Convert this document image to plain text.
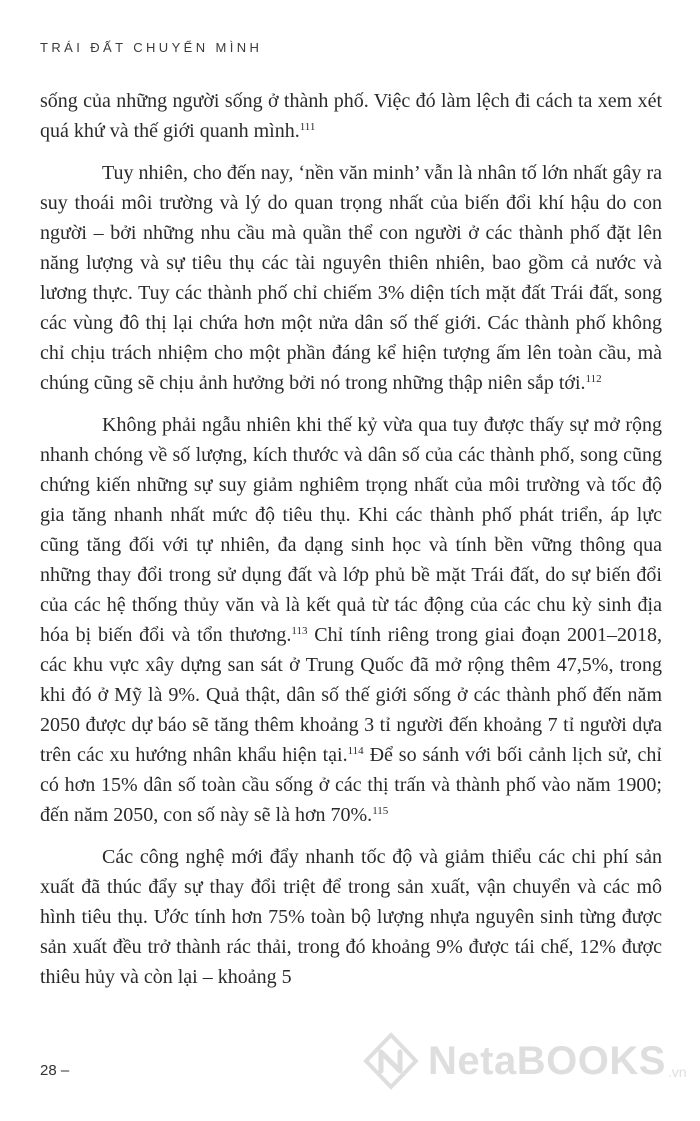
TRÁI ĐẤT CHUYỂN MÌNH

sống của những người sống ở thành phố. Việc đó làm lệch đi cách ta xem xét quá khứ và thế giới quanh mình.$^{111}$

Tuy nhiên, cho đến nay, ‘nền văn minh’ vẫn là nhân tố lớn nhất gây ra suy thoái môi trường và lý do quan trọng nhất của biến đổi khí hậu do con người – bởi những nhu cầu mà quần thể con người ở các thành phố đặt lên năng lượng và sự tiêu thụ các tài nguyên thiên nhiên, bao gồm cả nước và lương thực. Tuy các thành phố chỉ chiếm 3% diện tích mặt đất Trái đất, song các vùng đô thị lại chứa hơn một nửa dân số thế giới. Các thành phố không chỉ chịu trách nhiệm cho một phần đáng kể hiện tượng ấm lên toàn cầu, mà chúng cũng sẽ chịu ảnh hưởng bởi nó trong những thập niên sắp tới.$^{112}$

Không phải ngẫu nhiên khi thế kỷ vừa qua tuy được thấy sự mở rộng nhanh chóng về số lượng, kích thước và dân số của các thành phố, song cũng chứng kiến những sự suy giảm nghiêm trọng nhất của môi trường và tốc độ gia tăng nhanh nhất mức độ tiêu thụ. Khi các thành phố phát triển, áp lực cũng tăng đối với tự nhiên, đa dạng sinh học và tính bền vững thông qua những thay đổi trong sử dụng đất và lớp phủ bề mặt Trái đất, do sự biến đổi của các hệ thống thủy văn và là kết quả từ tác động của các chu kỳ sinh địa hóa bị biến đổi và tổn thương.$^{113}$ Chỉ tính riêng trong giai đoạn 2001–2018, các khu vực xây dựng san sát ở Trung Quốc đã mở rộng thêm 47,5%, trong khi đó ở Mỹ là 9%. Quả thật, dân số thế giới sống ở các thành phố đến năm 2050 được dự báo sẽ tăng thêm khoảng 3 tỉ người đến khoảng 7 tỉ người dựa trên các xu hướng nhân khẩu hiện tại.$^{114}$ Để so sánh với bối cảnh lịch sử, chỉ có hơn 15% dân số toàn cầu sống ở các thị trấn và thành phố vào năm 1900; đến năm 2050, con số này sẽ là hơn 70%.$^{115}$

Các công nghệ mới đẩy nhanh tốc độ và giảm thiểu các chi phí sản xuất đã thúc đẩy sự thay đổi triệt để trong sản xuất, vận chuyển và các mô hình tiêu thụ. Ước tính hơn 75% toàn bộ lượng nhựa nguyên sinh từng được sản xuất đều trở thành rác thải, trong đó khoảng 9% được tái chế, 12% được thiêu hủy và còn lại – khoảng 5

28 –	NetaBOOKS .vn
